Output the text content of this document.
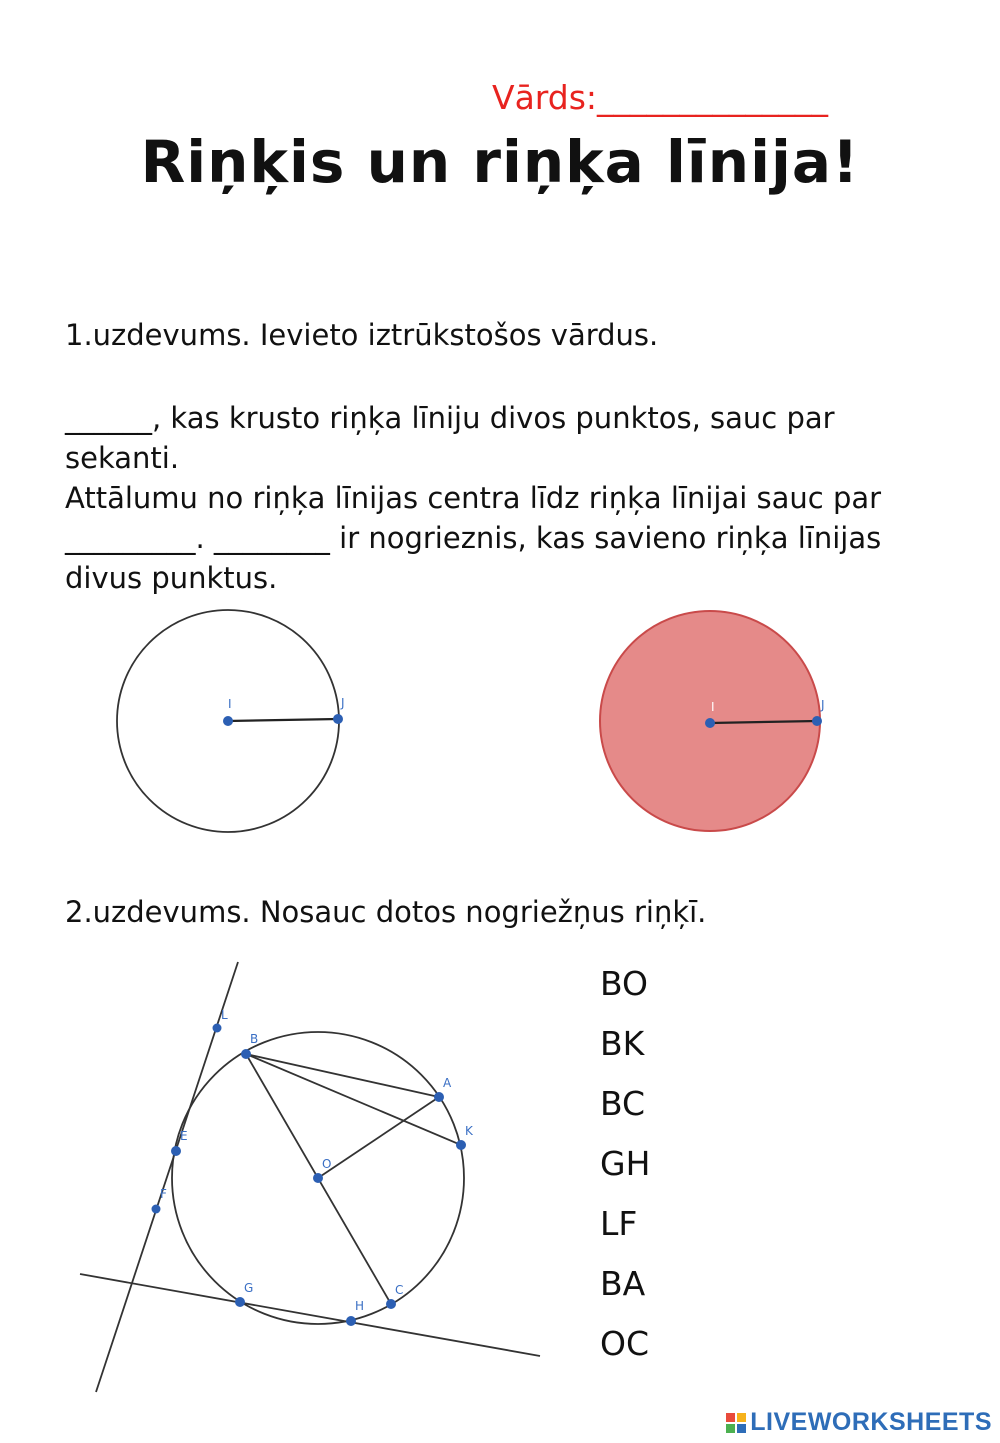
Vārds:______________
Riņķis un riņķa līnija!
1.uzdevums. Ievieto iztrūkstošos vārdus.
______, kas krusto riņķa līniju divos punktos, sauc par sekanti.
Attālumu no riņķa līnijas centra līdz riņķa līnijai sauc par _________. ________ ir nogrieznis, kas savieno riņķa līnijas divus punktus.
I	J	I	J
2.uzdevums. Nosauc dotos nogriežņus riņķī.
L
B
A
K
E
O
F
G
H
C
BO
BK
BC
GH
LF
BA
OC
LIVEWORKSHEETS
